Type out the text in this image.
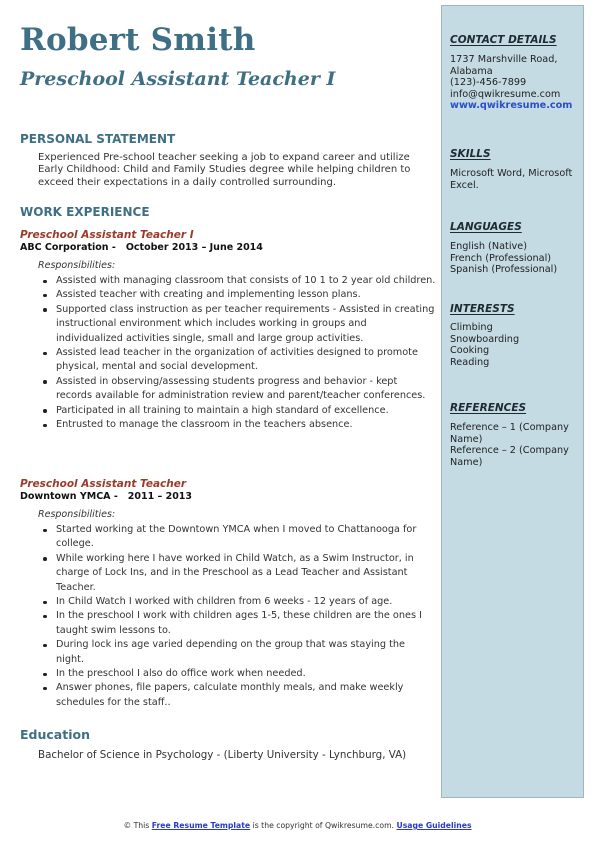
Robert Smith
Preschool Assistant Teacher I
PERSONAL STATEMENT
Experienced Pre-school teacher seeking a job to expand career and utilize Early Childhood: Child and Family Studies degree while helping children to exceed their expectations in a daily controlled surrounding.
WORK EXPERIENCE
Preschool Assistant Teacher I
ABC Corporation - October 2013 – June 2014
Responsibilities:
Assisted with managing classroom that consists of 10 1 to 2 year old children.
Assisted teacher with creating and implementing lesson plans.
Supported class instruction as per teacher requirements - Assisted in creating instructional environment which includes working in groups and individualized activities single, small and large group activities.
Assisted lead teacher in the organization of activities designed to promote physical, mental and social development.
Assisted in observing/assessing students progress and behavior - kept records available for administration review and parent/teacher conferences.
Participated in all training to maintain a high standard of excellence.
Entrusted to manage the classroom in the teachers absence.
Preschool Assistant Teacher
Downtown YMCA - 2011 – 2013
Responsibilities:
Started working at the Downtown YMCA when I moved to Chattanooga for college.
While working here I have worked in Child Watch, as a Swim Instructor, in charge of Lock Ins, and in the Preschool as a Lead Teacher and Assistant Teacher.
In Child Watch I worked with children from 6 weeks - 12 years of age.
In the preschool I work with children ages 1-5, these children are the ones I taught swim lessons to.
During lock ins age varied depending on the group that was staying the night.
In the preschool I also do office work when needed.
Answer phones, file papers, calculate monthly meals, and make weekly schedules for the staff..
Education
Bachelor of Science in Psychology - (Liberty University - Lynchburg, VA)
CONTACT DETAILS
1737 Marshville Road, Alabama
(123)-456-7899
info@qwikresume.com
www.qwikresume.com
SKILLS
Microsoft Word, Microsoft Excel.
LANGUAGES
English (Native)
French (Professional)
Spanish (Professional)
INTERESTS
Climbing
Snowboarding
Cooking
Reading
REFERENCES
Reference – 1 (Company Name)
Reference – 2 (Company Name)
© This Free Resume Template is the copyright of Qwikresume.com. Usage Guidelines
